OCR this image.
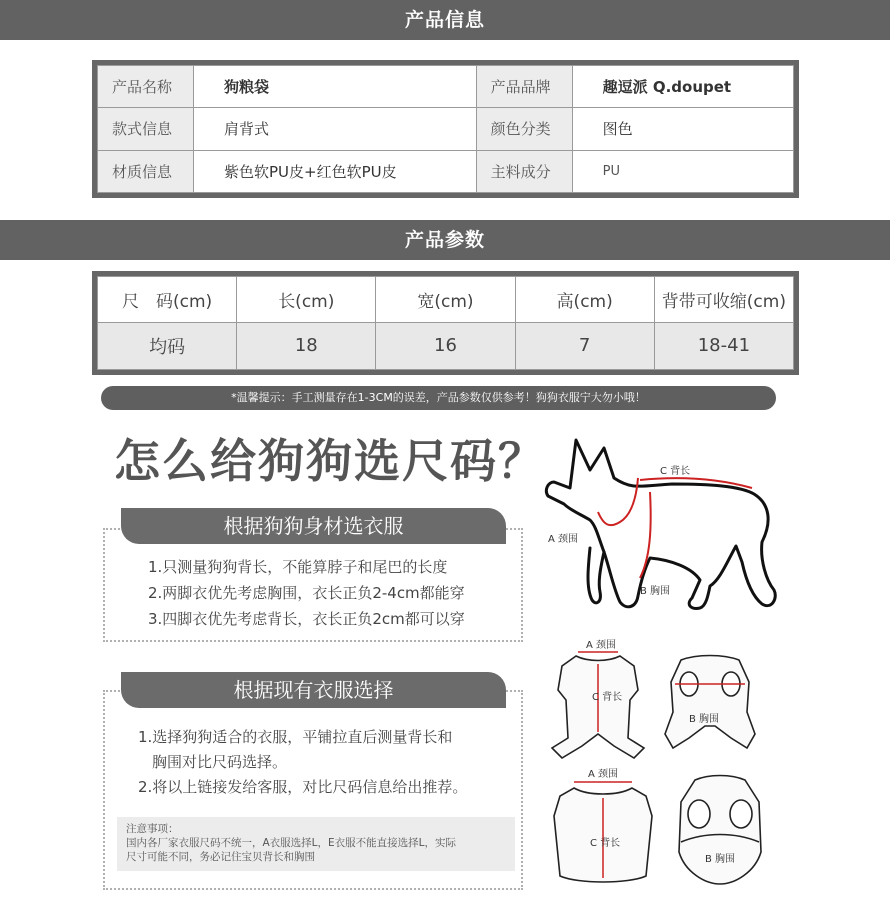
产品信息
产品名称	狗粮袋	产品品牌	趣逗派 Q.doupet
款式信息	肩背式	颜色分类	图色
材质信息	紫色软PU皮+红色软PU皮	主料成分	PU
产品参数
尺　码(cm)	长(cm)	宽(cm)	高(cm)	背带可收缩(cm)
均码	18	16	7	18-41
*温馨提示：手工测量存在1-3CM的误差，产品参数仅供参考！狗狗衣服宁大勿小哦！
怎么给狗狗选尺码？
根据狗狗身材选衣服
1.只测量狗狗背长，不能算脖子和尾巴的长度
2.两脚衣优先考虑胸围，衣长正负2-4cm都能穿
3.四脚衣优先考虑背长，衣长正负2cm都可以穿
根据现有衣服选择
1.选择狗狗适合的衣服，平铺拉直后测量背长和
胸围对比尺码选择。
2.将以上链接发给客服，对比尺码信息给出推荐。
注意事项：
国内各厂家衣服尺码不统一，A衣服选择L，E衣服不能直接选择L，实际
尺寸可能不同，务必记住宝贝背长和胸围
C 背长
A 颈围
B 胸围
A 颈围
C 背长
B 胸围
A 颈围
C 背长
B 胸围
